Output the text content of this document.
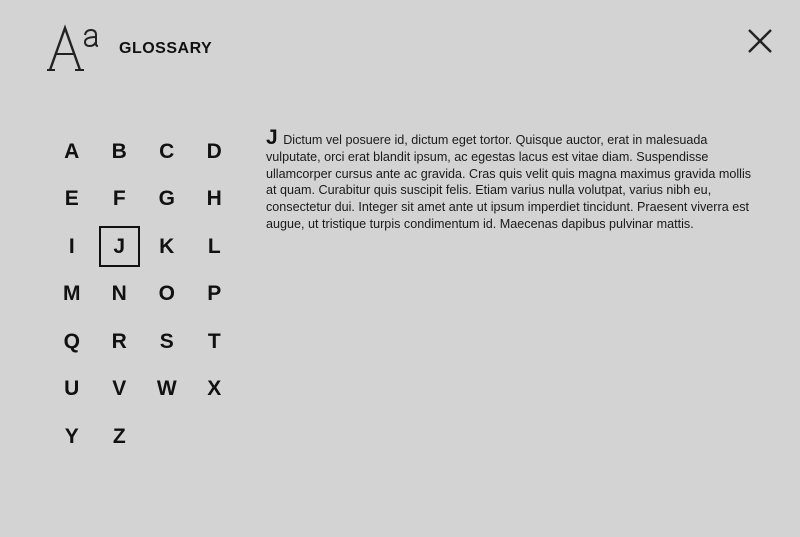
GLOSSARY
A	B	C	D
E	F	G	H
I	J	K	L
M	N	O	P
Q	R	S	T
U	V	W	X
Y	Z
J Dictum vel posuere id, dictum eget tortor. Quisque auctor, erat in malesuada vulputate, orci erat blandit ipsum, ac egestas lacus est vitae diam. Suspendisse ullamcorper cursus ante ac gravida. Cras quis velit quis magna maximus gravida mollis at quam. Curabitur quis suscipit felis. Etiam varius nulla volutpat, varius nibh eu, consectetur dui. Integer sit amet ante ut ipsum imperdiet tincidunt. Praesent viverra est augue, ut tristique turpis condimentum id. Maecenas dapibus pulvinar mattis.
